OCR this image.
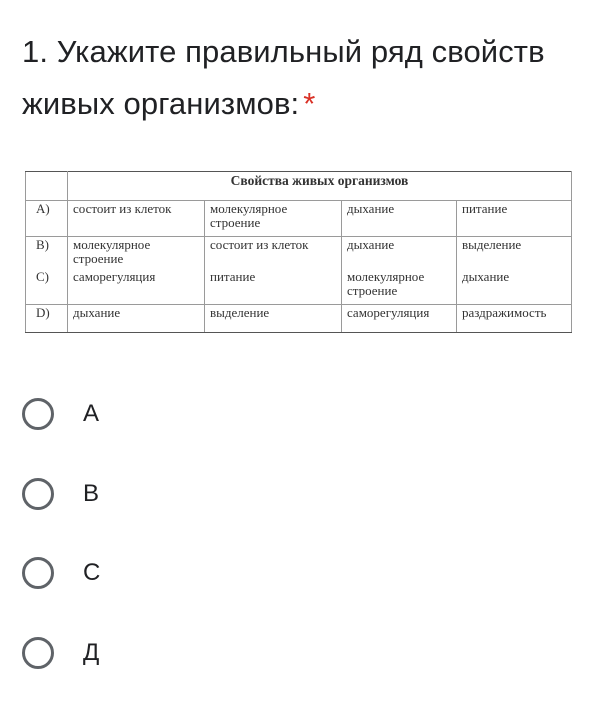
1. Укажите правильный ряд свойств живых организмов: *
	Свойства живых организмов			
A)	состоит из клеток	молекулярное строение	дыхание	питание
B)	молекулярное строение	состоит из клеток	дыхание	выделение
C)	саморегуляция	питание	молекулярное строение	дыхание
D)	дыхание	выделение	саморегуляция	раздражимость
A
B
C
Д
